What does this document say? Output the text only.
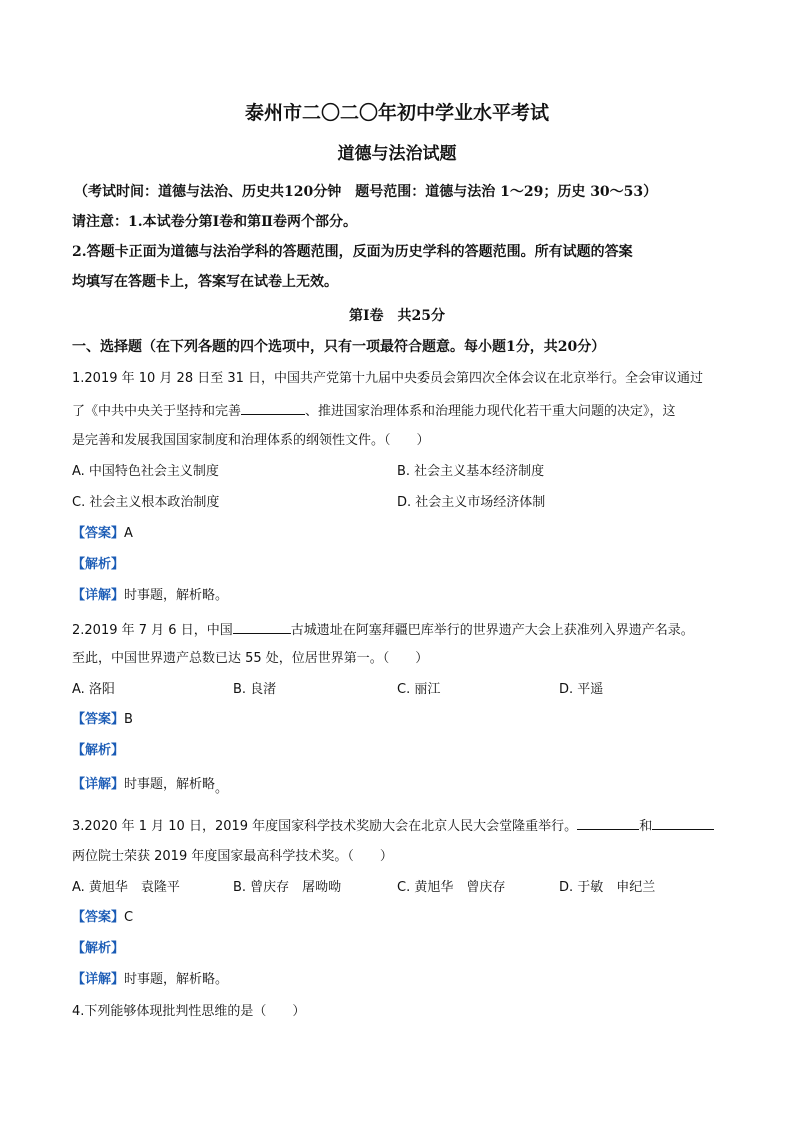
泰州市二〇二〇年初中学业水平考试
道德与法治试题
（考试时间：道德与法治、历史共120分钟　题号范围：道德与法治 1～29；历史 30～53）
请注意：1.本试卷分第Ⅰ卷和第Ⅱ卷两个部分。
2.答题卡正面为道德与法治学科的答题范围，反面为历史学科的答题范围。所有试题的答案
均填写在答题卡上，答案写在试卷上无效。
第Ⅰ卷　共25分
一、选择题（在下列各题的四个选项中，只有一项最符合题意。每小题1分，共20分）
1.2019 年 10 月 28 日至 31 日，中国共产党第十九届中央委员会第四次全体会议在北京举行。全会审议通过
了《中共中央关于坚持和完善	、推进国家治理体系和治理能力现代化若干重大问题的决定》，这
是完善和发展我国国家制度和治理体系的纲领性文件。（　　）
A. 中国特色社会主义制度	B. 社会主义基本经济制度
C. 社会主义根本政治制度	D. 社会主义市场经济体制
【答案】A
【解析】
【详解】时事题，解析略。
2.2019 年 7 月 6 日，中国	古城遗址在阿塞拜疆巴库举行的世界遗产大会上获准列入界遗产名录。
至此，中国世界遗产总数已达 55 处，位居世界第一。（　　）
A. 洛阳	B. 良渚	C. 丽江	D. 平遥
【答案】B
【解析】
【详解】时事题，解析略。
3.2020 年 1 月 10 日，2019 年度国家科学技术奖励大会在北京人民大会堂隆重举行。	和
两位院士荣获 2019 年度国家最高科学技术奖。（　　）
A. 黄旭华　袁隆平	B. 曾庆存　屠呦呦	C. 黄旭华　曾庆存	D. 于敏　申纪兰
【答案】C
【解析】
【详解】时事题，解析略。
4.下列能够体现批判性思维的是（　　）
